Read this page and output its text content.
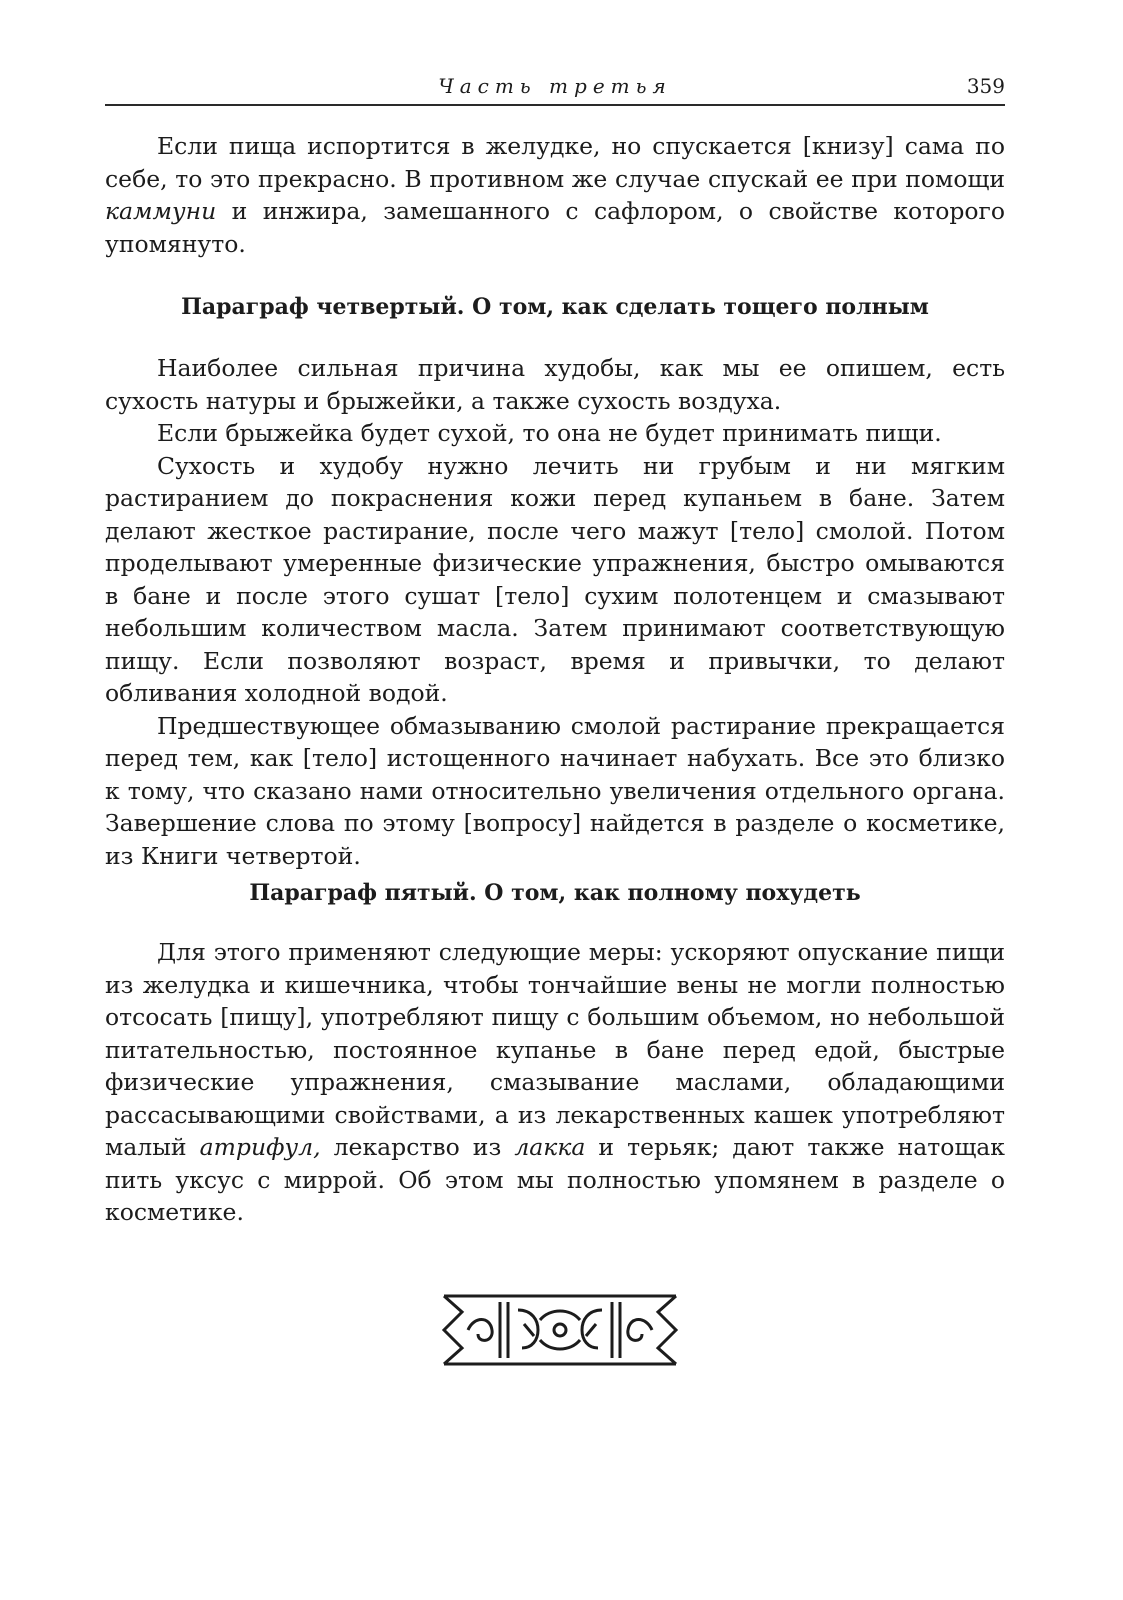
Часть третья	359

Если пища испортится в желудке, но спускается [книзу] сама по себе, то это прекрасно. В противном же случае спускай ее при помощи каммуни и инжира, замешанного с сафлором, о свойстве которого упомянуто.

Параграф четвертый. О том, как сделать тощего полным

Наиболее сильная причина худобы, как мы ее опишем, есть сухость натуры и брыжейки, а также сухость воздуха.

Если брыжейка будет сухой, то она не будет принимать пищи.

Сухость и худобу нужно лечить ни грубым и ни мягким растиранием до покраснения кожи перед купаньем в бане. Затем делают жесткое растирание, после чего мажут [тело] смолой. Потом проделывают умеренные физические упражнения, быстро омываются в бане и после этого сушат [тело] сухим полотенцем и смазывают небольшим количеством масла. Затем принимают соответствующую пищу. Если позволяют возраст, время и привычки, то делают обливания холодной водой.

Предшествующее обмазыванию смолой растирание прекращается перед тем, как [тело] истощенного начинает набухать. Все это близко к тому, что сказано нами относительно увеличения отдельного органа. Завершение слова по этому [вопросу] найдется в разделе о косметике, из Книги четвертой.

Параграф пятый. О том, как полному похудеть

Для этого применяют следующие меры: ускоряют опускание пищи из желудка и кишечника, чтобы тончайшие вены не могли полностью отсосать [пищу], употребляют пищу с большим объемом, но небольшой питательностью, постоянное купанье в бане перед едой, быстрые физические упражнения, смазывание маслами, обладающими рассасывающими свойствами, а из лекарственных кашек употребляют малый атрифул, лекарство из лакка и терьяк; дают также натощак пить уксус с миррой. Об этом мы полностью упомянем в разделе о косметике.
